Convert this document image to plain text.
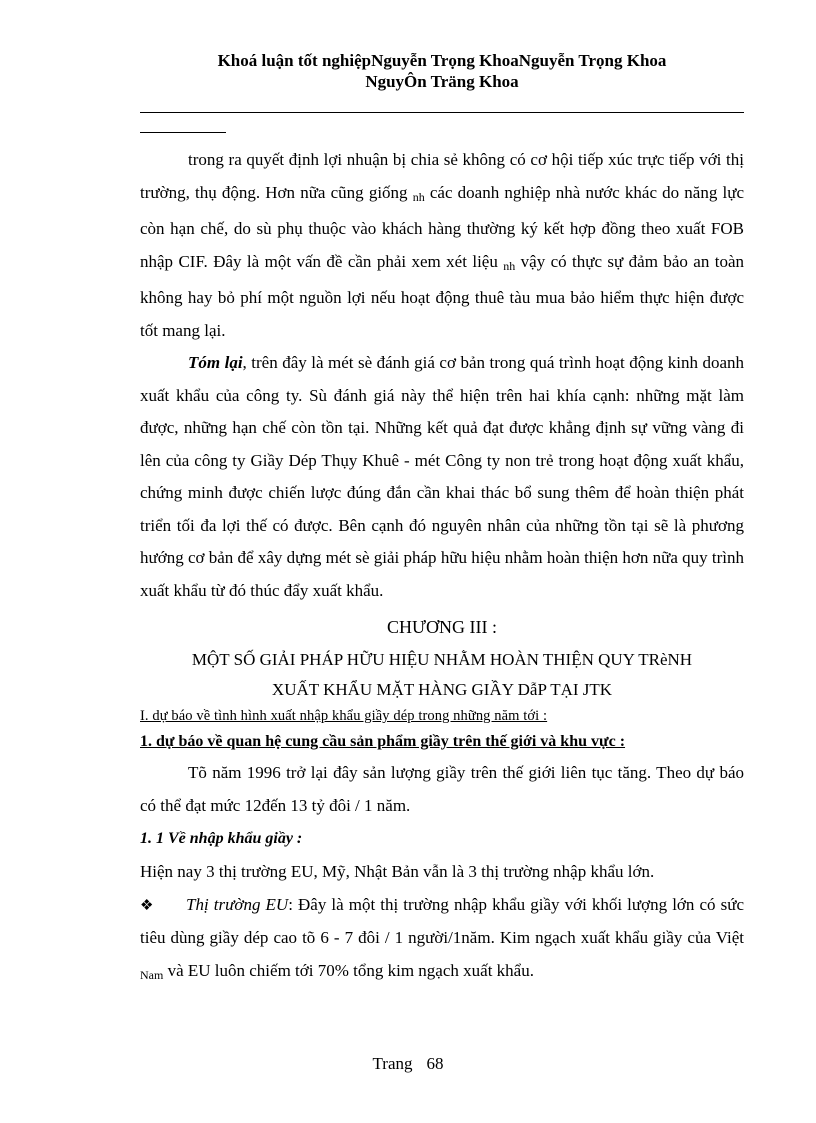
Khoá luận tốt nghiệpNguyễn Trọng KhoaNguyễn Trọng Khoa
NguyÔn Träng Khoa

trong ra quyết định lợi nhuận bị chia sẻ không có cơ hội tiếp xúc trực tiếp với thị trường, thụ động. Hơn nữa cũng giống nh các doanh nghiệp nhà nước khác do năng lực còn hạn chế, do sù phụ thuộc vào khách hàng thường ký kết hợp đồng theo xuất FOB nhập CIF. Đây là một vấn đề cần phải xem xét liệu nh vậy có thực sự đảm bảo an toàn không hay bỏ phí một nguồn lợi nếu hoạt động thuê tàu mua bảo hiểm thực hiện được tốt mang lại.

Tóm lại, trên đây là mét sè đánh giá cơ bản trong quá trình hoạt động kinh doanh xuất khẩu của công ty. Sù đánh giá này thể hiện trên hai khía cạnh: những mặt làm được, những hạn chế còn tồn tại. Những kết quả đạt được khẳng định sự vững vàng đi lên của công ty Giầy Dép Thụy Khuê - mét Công ty non trẻ trong hoạt động xuất khẩu, chứng minh được chiến lược đúng đắn cần khai thác bổ sung thêm để hoàn thiện phát triển tối đa lợi thế có được. Bên cạnh đó nguyên nhân của những tồn tại sẽ là phương hướng cơ bản để xây dựng mét sè giải pháp hữu hiệu nhằm hoàn thiện hơn nữa quy trình xuất khẩu từ đó thúc đẩy xuất khẩu.

CHƯƠNG III :

MỘT SỐ GIẢI PHÁP HỮU HIỆU NHẰM HOÀN THIỆN QUY TRèNH

XUẤT KHẨU MẶT HÀNG GIẦY DẫP TẠI JTK

I. dự báo về tình hình xuất nhập khẩu giầy dép trong những năm tới :

1. dự báo về quan hệ cung cầu sản phẩm giầy trên thế giới và khu vực :

Tõ năm 1996 trở lại đây sản lượng giầy trên thế giới liên tục tăng. Theo dự báo có thể đạt mức 12đến 13 tỷ đôi / 1 năm.

1. 1 Về nhập khẩu giầy :

Hiện nay 3 thị trường EU, Mỹ, Nhật Bản vẫn là 3 thị trường nhập khẩu lớn.

❖ Thị trường EU: Đây là một thị trường nhập khẩu giầy với khối lượng lớn có sức tiêu dùng giầy dép cao tõ 6 - 7 đôi / 1 người/1năm. Kim ngạch xuất khẩu giầy của Việt Nam và EU luôn chiếm tới 70% tổng kim ngạch xuất khẩu.

Trang 68
